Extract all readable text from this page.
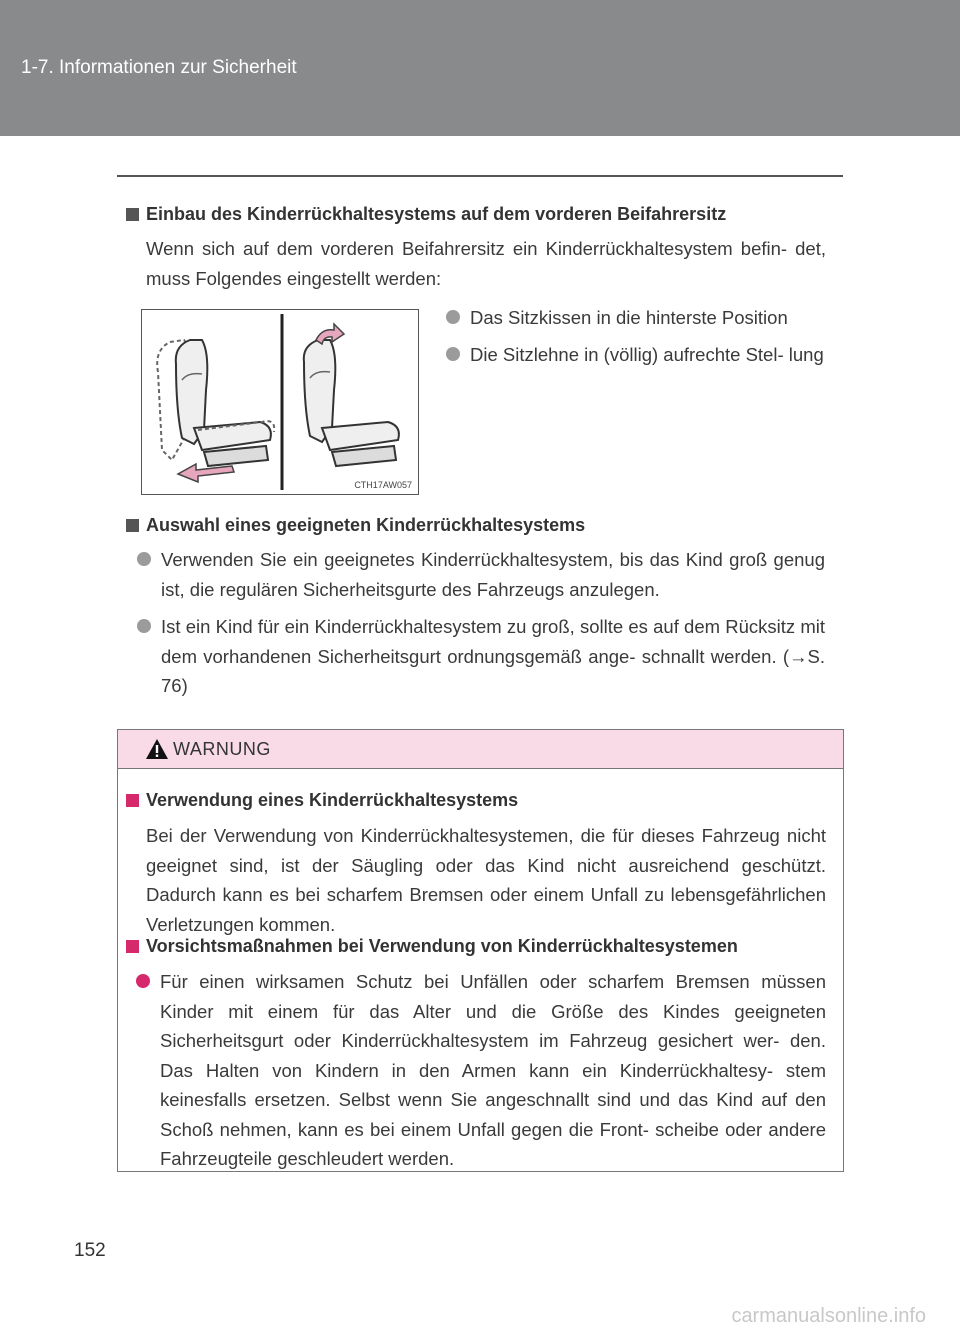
1-7. Informationen zur Sicherheit
Einbau des Kinderrückhaltesystems auf dem vorderen Beifahrersitz
Wenn sich auf dem vorderen Beifahrersitz ein Kinderrückhaltesystem befin- det, muss Folgendes eingestellt werden:
CTH17AW057
Das Sitzkissen in die hinterste Position
Die Sitzlehne in (völlig) aufrechte Stel- lung
Auswahl eines geeigneten Kinderrückhaltesystems
Verwenden Sie ein geeignetes Kinderrückhaltesystem, bis das Kind groß genug ist, die regulären Sicherheitsgurte des Fahrzeugs anzulegen.
Ist ein Kind für ein Kinderrückhaltesystem zu groß, sollte es auf dem Rücksitz mit dem vorhandenen Sicherheitsgurt ordnungsgemäß ange- schnallt werden. (→S. 76)
WARNUNG
Verwendung eines Kinderrückhaltesystems
Bei der Verwendung von Kinderrückhaltesystemen, die für dieses Fahrzeug nicht geeignet sind, ist der Säugling oder das Kind nicht ausreichend geschützt. Dadurch kann es bei scharfem Bremsen oder einem Unfall zu lebensgefährlichen Verletzungen kommen.
Vorsichtsmaßnahmen bei Verwendung von Kinderrückhaltesystemen
Für einen wirksamen Schutz bei Unfällen oder scharfem Bremsen müssen Kinder mit einem für das Alter und die Größe des Kindes geeigneten Sicherheitsgurt oder Kinderrückhaltesystem im Fahrzeug gesichert wer- den. Das Halten von Kindern in den Armen kann ein Kinderrückhaltesy- stem keinesfalls ersetzen. Selbst wenn Sie angeschnallt sind und das Kind auf den Schoß nehmen, kann es bei einem Unfall gegen die Front- scheibe oder andere Fahrzeugteile geschleudert werden.
152
carmanualsonline.info
